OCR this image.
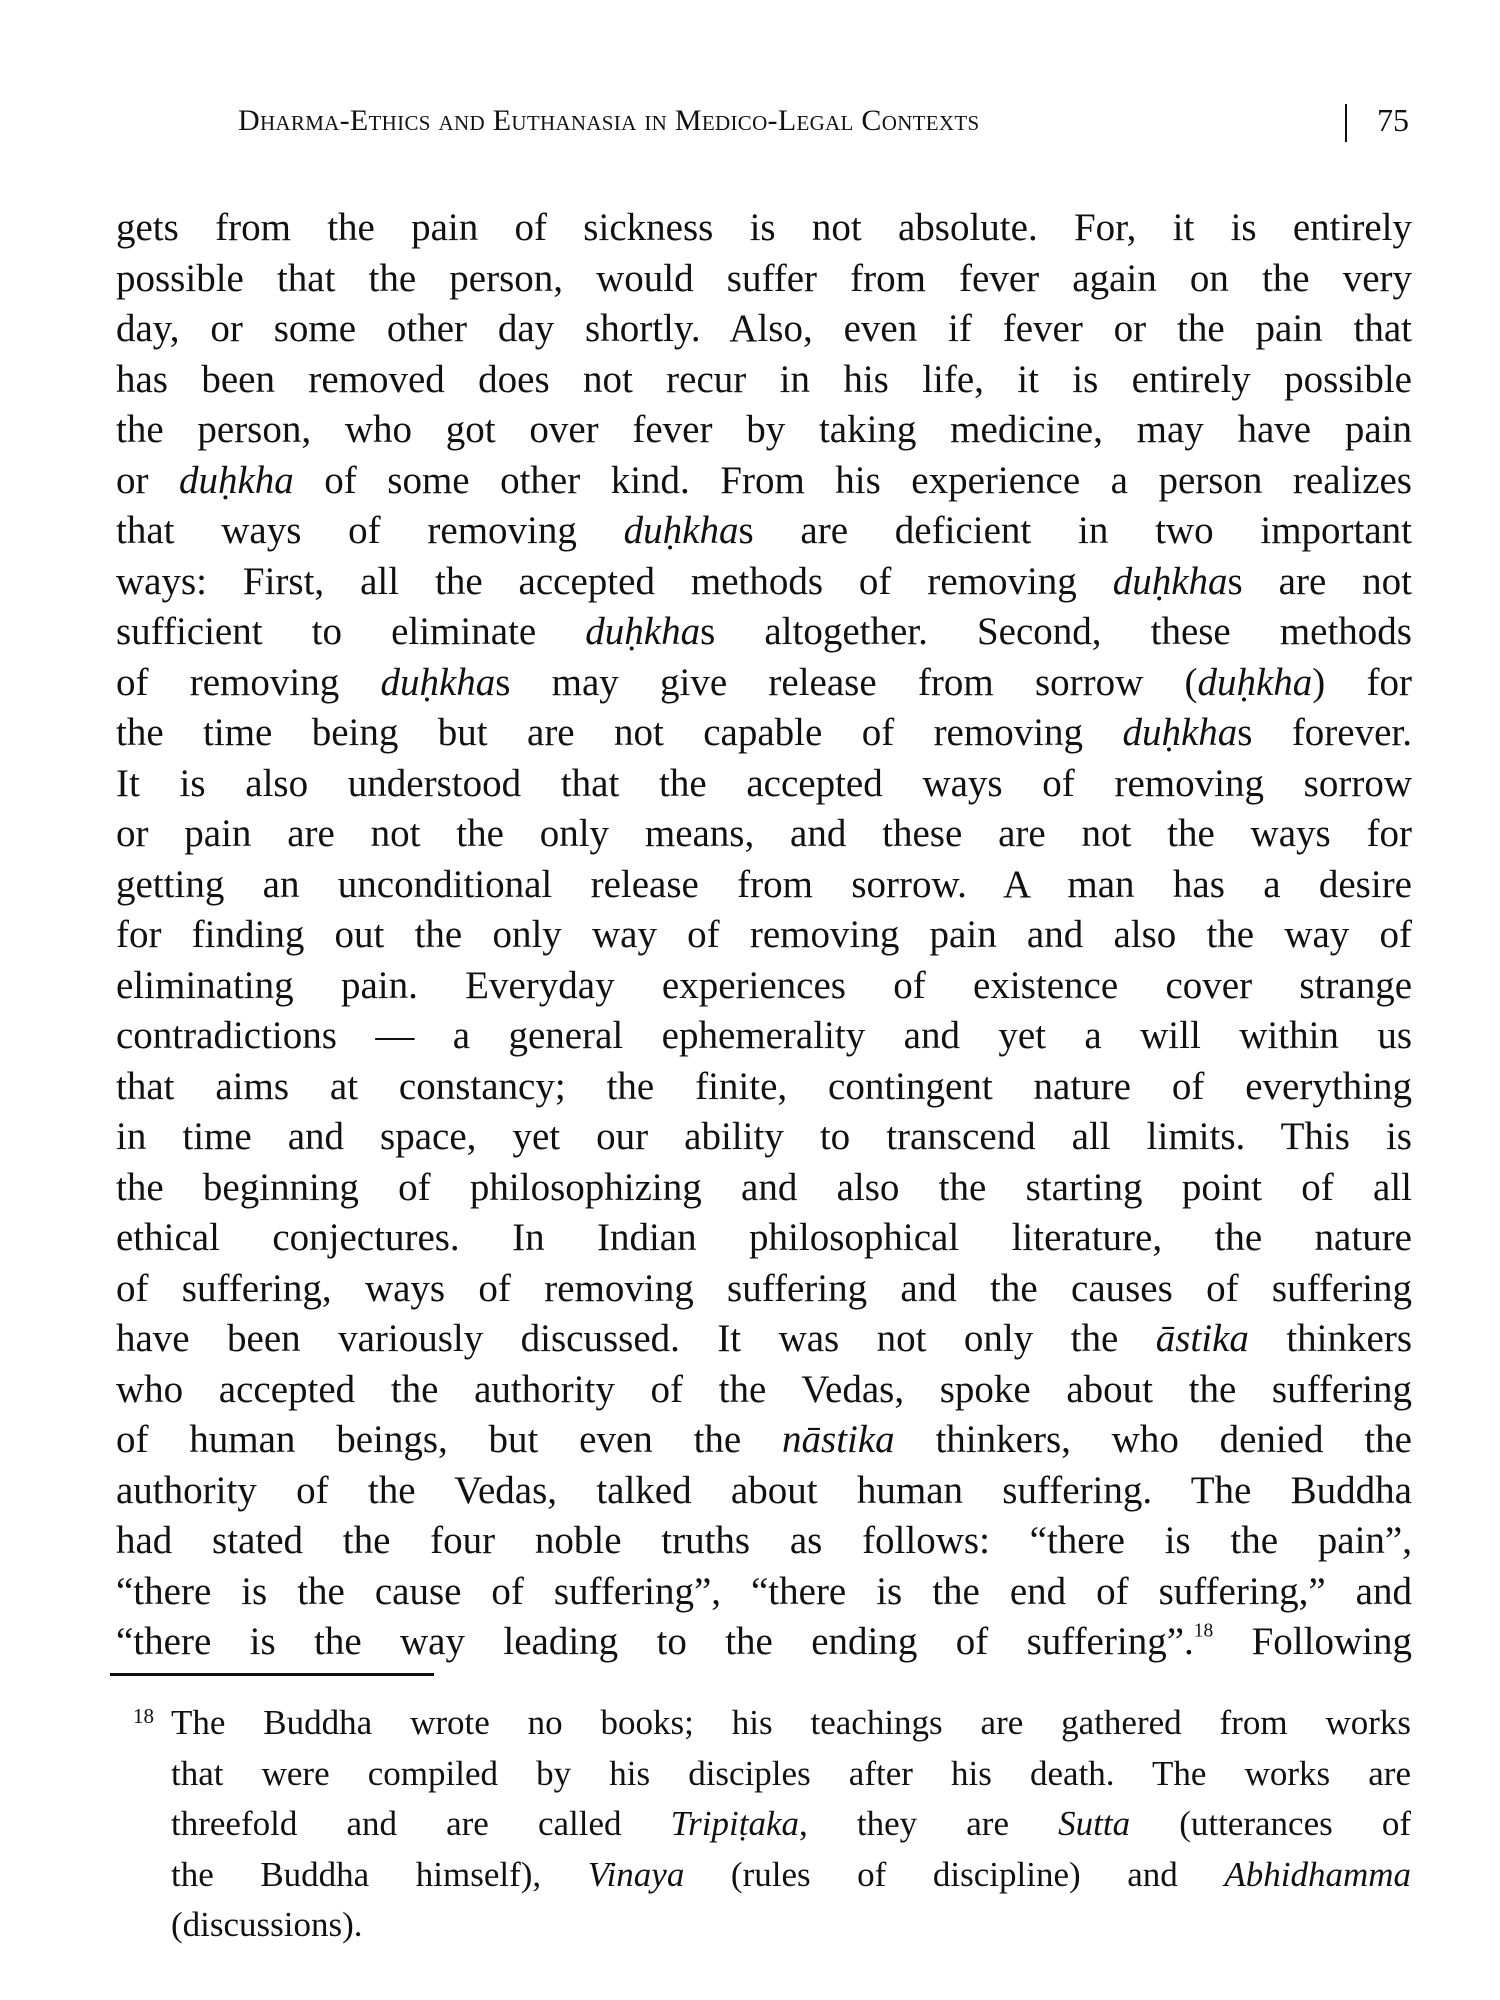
Dharma-Ethics and Euthanasia in Medico-Legal Contexts	75
gets from the pain of sickness is not absolute. For, it is entirely
possible that the person, would suffer from fever again on the very
day, or some other day shortly. Also, even if fever or the pain that
has been removed does not recur in his life, it is entirely possible
the person, who got over fever by taking medicine, may have pain
or duḥkha of some other kind. From his experience a person realizes
that ways of removing duḥkhas are deficient in two important
ways: First, all the accepted methods of removing duḥkhas are not
sufficient to eliminate duḥkhas altogether. Second, these methods
of removing duḥkhas may give release from sorrow (duḥkha) for
the time being but are not capable of removing duḥkhas forever.
It is also understood that the accepted ways of removing sorrow
or pain are not the only means, and these are not the ways for
getting an unconditional release from sorrow. A man has a desire
for finding out the only way of removing pain and also the way of
eliminating pain. Everyday experiences of existence cover strange
contradictions — a general ephemerality and yet a will within us
that aims at constancy; the finite, contingent nature of everything
in time and space, yet our ability to transcend all limits. This is
the beginning of philosophizing and also the starting point of all
ethical conjectures. In Indian philosophical literature, the nature
of suffering, ways of removing suffering and the causes of suffering
have been variously discussed. It was not only the āstika thinkers
who accepted the authority of the Vedas, spoke about the suffering
of human beings, but even the nāstika thinkers, who denied the
authority of the Vedas, talked about human suffering. The Buddha
had stated the four noble truths as follows: “there is the pain”,
“there is the cause of suffering”, “there is the end of suffering,” and
“there is the way leading to the ending of suffering”.$^{18}$ Following
18 The Buddha wrote no books; his teachings are gathered from works
that were compiled by his disciples after his death. The works are
threefold and are called Tripiṭaka, they are Sutta (utterances of
the Buddha himself), Vinaya (rules of discipline) and Abhidhamma
(discussions).
